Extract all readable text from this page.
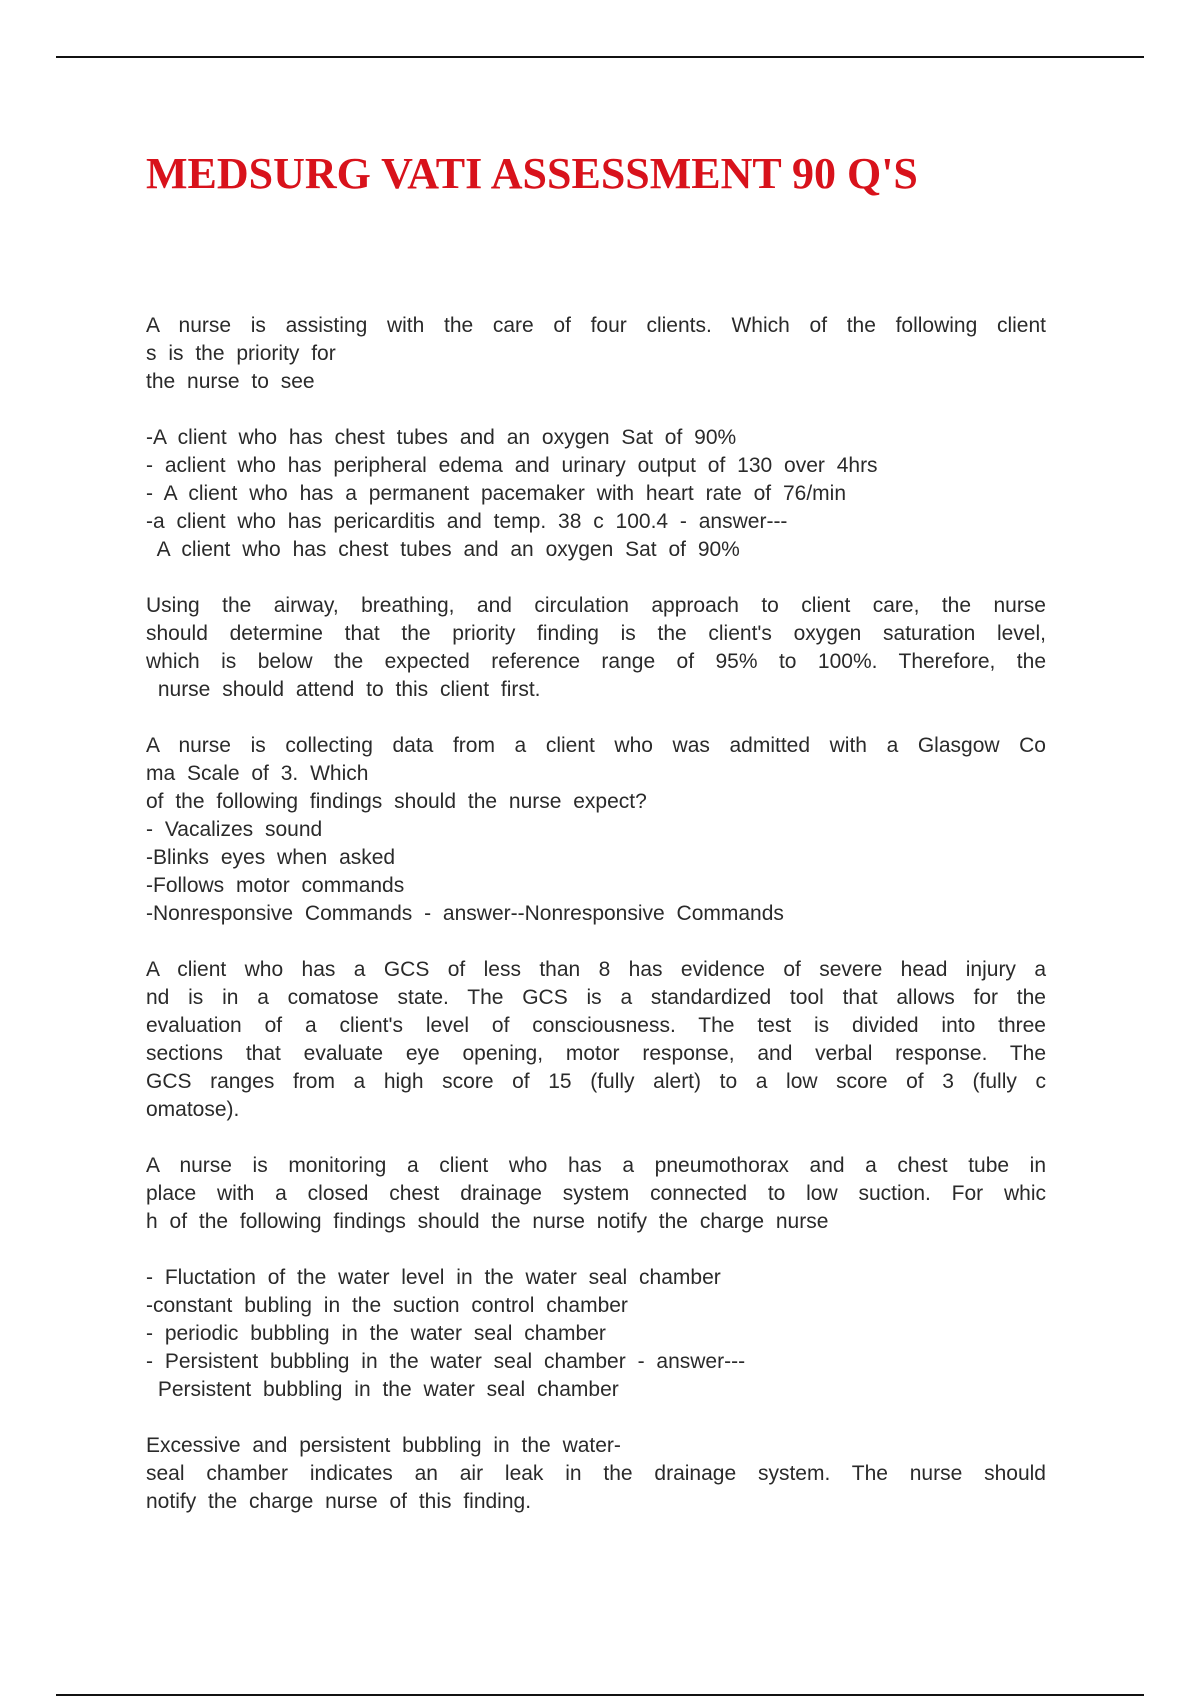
MEDSURG VATI ASSESSMENT 90 Q'S
A nurse is assisting with the care of four clients. Which of the following client
s is the priority for
the nurse to see
-A client who has chest tubes and an oxygen Sat of 90%
- aclient who has peripheral edema and urinary output of 130 over 4hrs
- A client who has a permanent pacemaker with heart rate of 76/min
-a client who has pericarditis and temp. 38 c 100.4 - answer---
A client who has chest tubes and an oxygen Sat of 90%
Using the airway, breathing, and circulation approach to client care, the nurse
should determine that the priority finding is the client's oxygen saturation level,
which is below the expected reference range of 95% to 100%. Therefore, the
nurse should attend to this client first.
A nurse is collecting data from a client who was admitted with a Glasgow Co
ma Scale of 3. Which
of the following findings should the nurse expect?
- Vacalizes sound
-Blinks eyes when asked
-Follows motor commands
-Nonresponsive Commands - answer--Nonresponsive Commands
A client who has a GCS of less than 8 has evidence of severe head injury a
nd is in a comatose state. The GCS is a standardized tool that allows for the
evaluation of a client's level of consciousness. The test is divided into three
sections that evaluate eye opening, motor response, and verbal response. The
GCS ranges from a high score of 15 (fully alert) to a low score of 3 (fully c
omatose).
A nurse is monitoring a client who has a pneumothorax and a chest tube in
place with a closed chest drainage system connected to low suction. For whic
h of the following findings should the nurse notify the charge nurse
- Fluctation of the water level in the water seal chamber
-constant bubling in the suction control chamber
- periodic bubbling in the water seal chamber
- Persistent bubbling in the water seal chamber - answer---
Persistent bubbling in the water seal chamber
Excessive and persistent bubbling in the water-
seal chamber indicates an air leak in the drainage system. The nurse should
notify the charge nurse of this finding.
